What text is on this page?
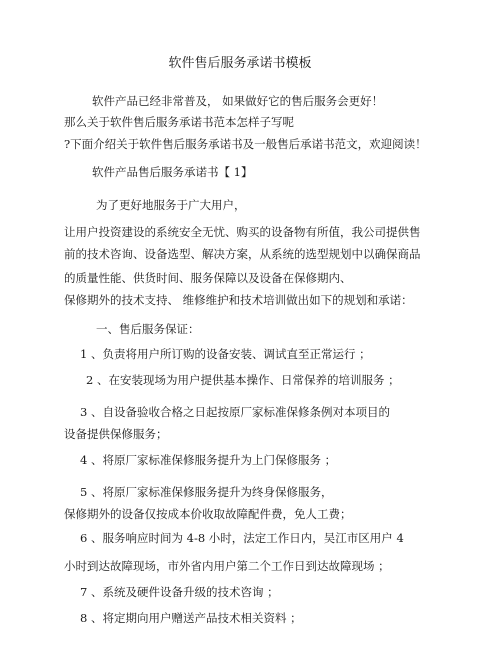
软件售后服务承诺书模板
软件产品已经非常普及， 如果做好它的售后服务会更好！
那么关于软件售后服务承诺书范本怎样子写呢
?下面介绍关于软件售后服务承诺书及一般售后承诺书范文，欢迎阅读！
软件产品售后服务承诺书【 1】
为了更好地服务于广大用户，
让用户投资建设的系统安全无忧、购买的设备物有所值，我公司提供售
前的技术咨询、设备选型、解决方案，从系统的选型规划中以确保商品
的质量性能、供货时间、服务保障以及设备在保修期内、
保修期外的技术支持、 维修维护和技术培训做出如下的规划和承诺：
一、售后服务保证：
1 、负责将用户所订购的设备安装、调试直至正常运行 ；
2 、在安装现场为用户提供基本操作、日常保养的培训服务 ；
3 、自设备验收合格之日起按原厂家标准保修条例对本项目的
设备提供保修服务；
4 、将原厂家标准保修服务提升为上门保修服务 ；
5 、将原厂家标准保修服务提升为终身保修服务，
保修期外的设备仅按成本价收取故障配件费，免人工费；
6 、服务响应时间为 4-8 小时，法定工作日内，吴江市区用户 4
小时到达故障现场，市外省内用户第二个工作日到达故障现场 ；
7 、系统及硬件设备升级的技术咨询 ；
8 、将定期向用户赠送产品技术相关资料 ；
